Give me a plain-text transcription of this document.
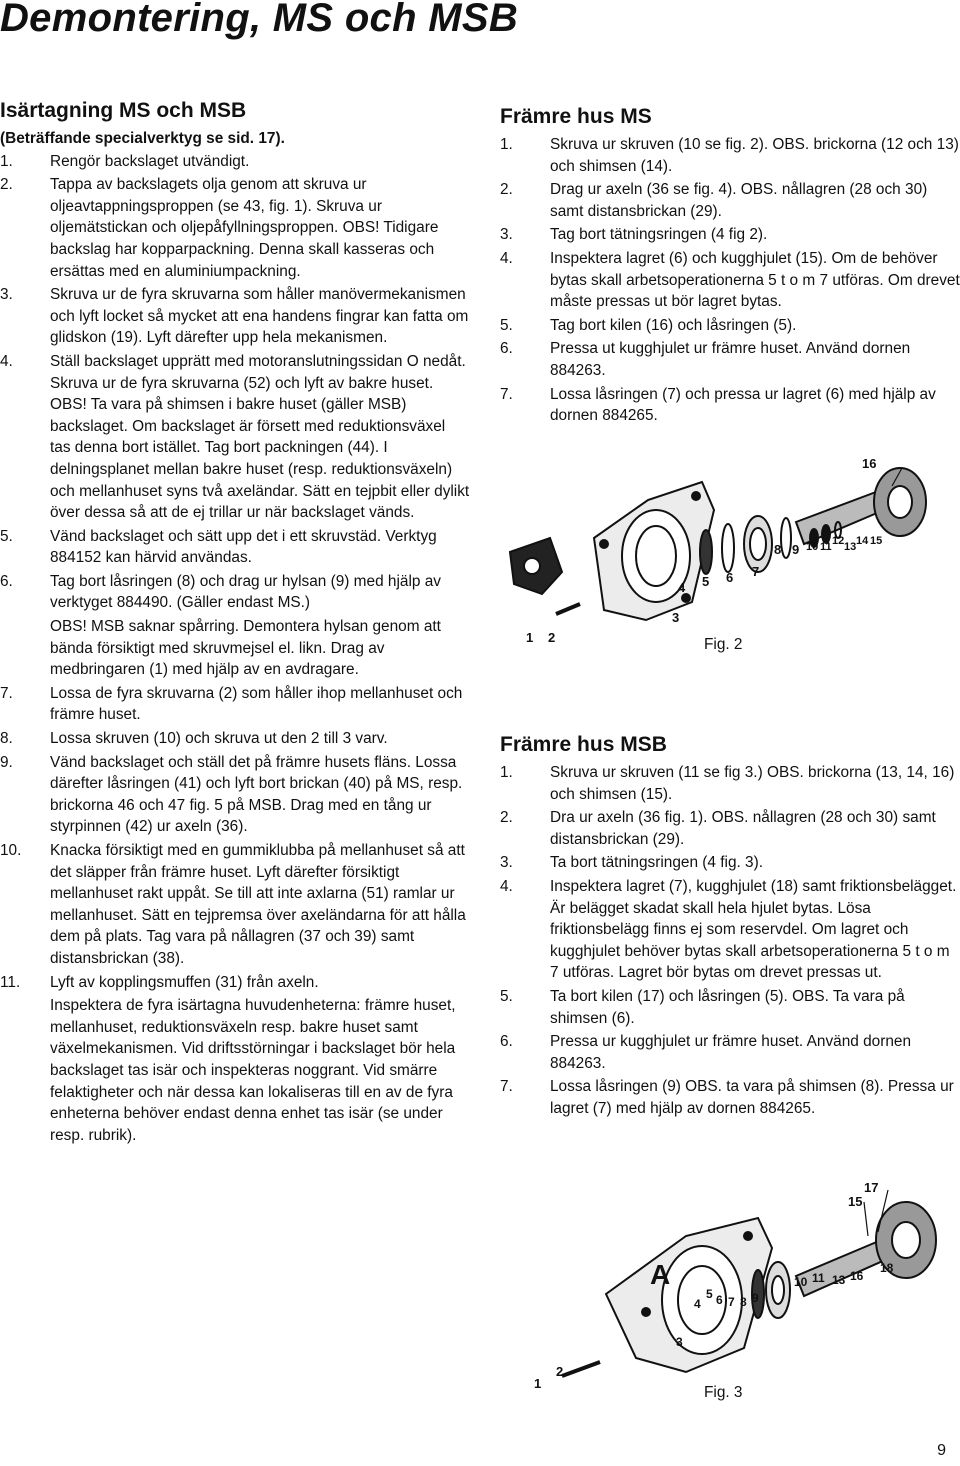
Demontering, MS och MSB
Isärtagning MS och MSB
(Beträffande specialverktyg se sid. 17).
1.	Rengör backslaget utvändigt.
2.	Tappa av backslagets olja genom att skruva ur oljeavtappningsproppen (se 43, fig. 1). Skruva ur oljemätstickan och oljepåfyllningsproppen. OBS! Tidigare backslag har kopparpackning. Denna skall kasseras och ersättas med en aluminiumpackning.
3.	Skruva ur de fyra skruvarna som håller manövermekanismen och lyft locket så mycket att ena handens fingrar kan fatta om glidskon (19). Lyft därefter upp hela mekanismen.
4.	Ställ backslaget upprätt med motoranslutningssidan O nedåt. Skruva ur de fyra skruvarna (52) och lyft av bakre huset. OBS! Ta vara på shimsen i bakre huset (gäller MSB) backslaget. Om backslaget är försett med reduktionsväxel tas denna bort istället. Tag bort packningen (44). I delningsplanet mellan bakre huset (resp. reduktionsväxeln) och mellanhuset syns två axeländar. Sätt en tejpbit eller dylikt över dessa så att de ej trillar ur när backslaget vänds.
5.	Vänd backslaget och sätt upp det i ett skruvstäd. Verktyg 884152 kan härvid användas.
6.	Tag bort låsringen (8) och drag ur hylsan (9) med hjälp av verktyget 884490. (Gäller endast MS.)
OBS! MSB saknar spårring. Demontera hylsan genom att bända försiktigt med skruvmejsel el. likn. Drag av medbringaren (1) med hjälp av en avdragare.
7.	Lossa de fyra skruvarna (2) som håller ihop mellanhuset och främre huset.
8.	Lossa skruven (10) och skruva ut den 2 till 3 varv.
9.	Vänd backslaget och ställ det på främre husets fläns. Lossa därefter låsringen (41) och lyft bort brickan (40) på MS, resp. brickorna 46 och 47 fig. 5 på MSB. Drag med en tång ur styrpinnen (42) ur axeln (36).
10.	Knacka försiktigt med en gummiklubba på mellanhuset så att det släpper från främre huset. Lyft därefter försiktigt mellanhuset rakt uppåt. Se till att inte axlarna (51) ramlar ur mellanhuset. Sätt en tejpremsa över axeländarna för att hålla dem på plats. Tag vara på nållagren (37 och 39) samt distansbrickan (38).
11.	Lyft av kopplingsmuffen (31) från axeln.
Inspektera de fyra isärtagna huvudenheterna: främre huset, mellanhuset, reduktionsväxeln resp. bakre huset samt växelmekanismen. Vid driftsstörningar i backslaget bör hela backslaget tas isär och inspekteras noggrant. Vid smärre felaktigheter och när dessa kan lokaliseras till en av de fyra enheterna behöver endast denna enhet tas isär (se under resp. rubrik).
Främre hus MS
1.	Skruva ur skruven (10 se fig. 2). OBS. brickorna (12 och 13) och shimsen (14).
2.	Drag ur axeln (36 se fig. 4). OBS. nållagren (28 och 30) samt distansbrickan (29).
3.	Tag bort tätningsringen (4 fig 2).
4.	Inspektera lagret (6) och kugghjulet (15). Om de behöver bytas skall arbetsoperationerna 5 t o m 7 utföras. Om drevet måste pressas ut bör lagret bytas.
5.	Tag bort kilen (16) och låsringen (5).
6.	Pressa ut kugghjulet ur främre huset. Använd dornen 884263.
7.	Lossa låsringen (7) och pressa ur lagret (6) med hjälp av dornen 884265.
16
1 2
3
4 5 6 7
8 9 10 11 12 13 14 15
Fig. 2
Främre hus MSB
1.	Skruva ur skruven (11 se fig 3.) OBS. brickorna (13, 14, 16) och shimsen (15).
2.	Dra ur axeln (36 fig. 1). OBS. nållagren (28 och 30) samt distansbrickan (29).
3.	Ta bort tätningsringen (4 fig. 3).
4.	Inspektera lagret (7), kugghjulet (18) samt friktionsbelägget. Är belägget skadat skall hela hjulet bytas. Lösa friktionsbelägg finns ej som reservdel. Om lagret och kugghjulet behöver bytas skall arbetsoperationerna 5 t o m 7 utföras. Lagret bör bytas om drevet pressas ut.
5.	Ta bort kilen (17) och låsringen (5). OBS. Ta vara på shimsen (6).
6.	Pressa ur kugghjulet ur främre huset. Använd dornen 884263.
7.	Lossa låsringen (9) OBS. ta vara på shimsen (8). Pressa ur lagret (7) med hjälp av dornen 884265.
17
15
10 11 13 16
18
A
4
5 6 7 8 9
3
1
2
Fig. 3
9
